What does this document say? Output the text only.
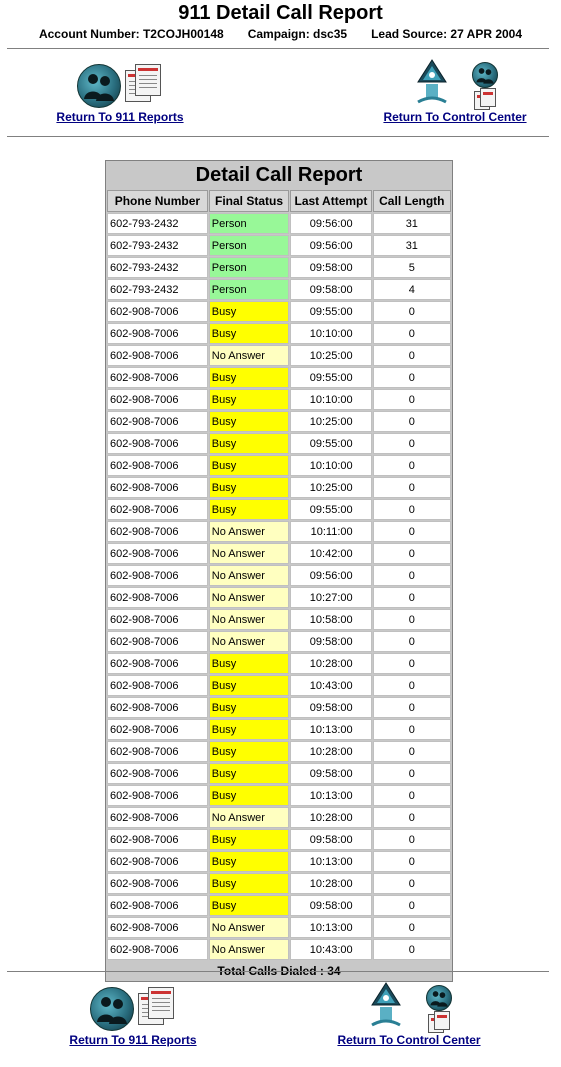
911 Detail Call Report
Account Number: T2COJH00148 Campaign: dsc35 Lead Source: 27 APR 2004
Return To 911 Reports	Return To Control Center
Detail Call Report
Phone Number	Final Status	Last Attempt	Call Length
602-793-2432	Person	09:56:00	31
602-793-2432	Person	09:56:00	31
602-793-2432	Person	09:58:00	5
602-793-2432	Person	09:58:00	4
602-908-7006	Busy	09:55:00	0
602-908-7006	Busy	10:10:00	0
602-908-7006	No Answer	10:25:00	0
602-908-7006	Busy	09:55:00	0
602-908-7006	Busy	10:10:00	0
602-908-7006	Busy	10:25:00	0
602-908-7006	Busy	09:55:00	0
602-908-7006	Busy	10:10:00	0
602-908-7006	Busy	10:25:00	0
602-908-7006	Busy	09:55:00	0
602-908-7006	No Answer	10:11:00	0
602-908-7006	No Answer	10:42:00	0
602-908-7006	No Answer	09:56:00	0
602-908-7006	No Answer	10:27:00	0
602-908-7006	No Answer	10:58:00	0
602-908-7006	No Answer	09:58:00	0
602-908-7006	Busy	10:28:00	0
602-908-7006	Busy	10:43:00	0
602-908-7006	Busy	09:58:00	0
602-908-7006	Busy	10:13:00	0
602-908-7006	Busy	10:28:00	0
602-908-7006	Busy	09:58:00	0
602-908-7006	Busy	10:13:00	0
602-908-7006	No Answer	10:28:00	0
602-908-7006	Busy	09:58:00	0
602-908-7006	Busy	10:13:00	0
602-908-7006	Busy	10:28:00	0
602-908-7006	Busy	09:58:00	0
602-908-7006	No Answer	10:13:00	0
602-908-7006	No Answer	10:43:00	0
Total Calls Dialed : 34
Return To 911 Reports	Return To Control Center
